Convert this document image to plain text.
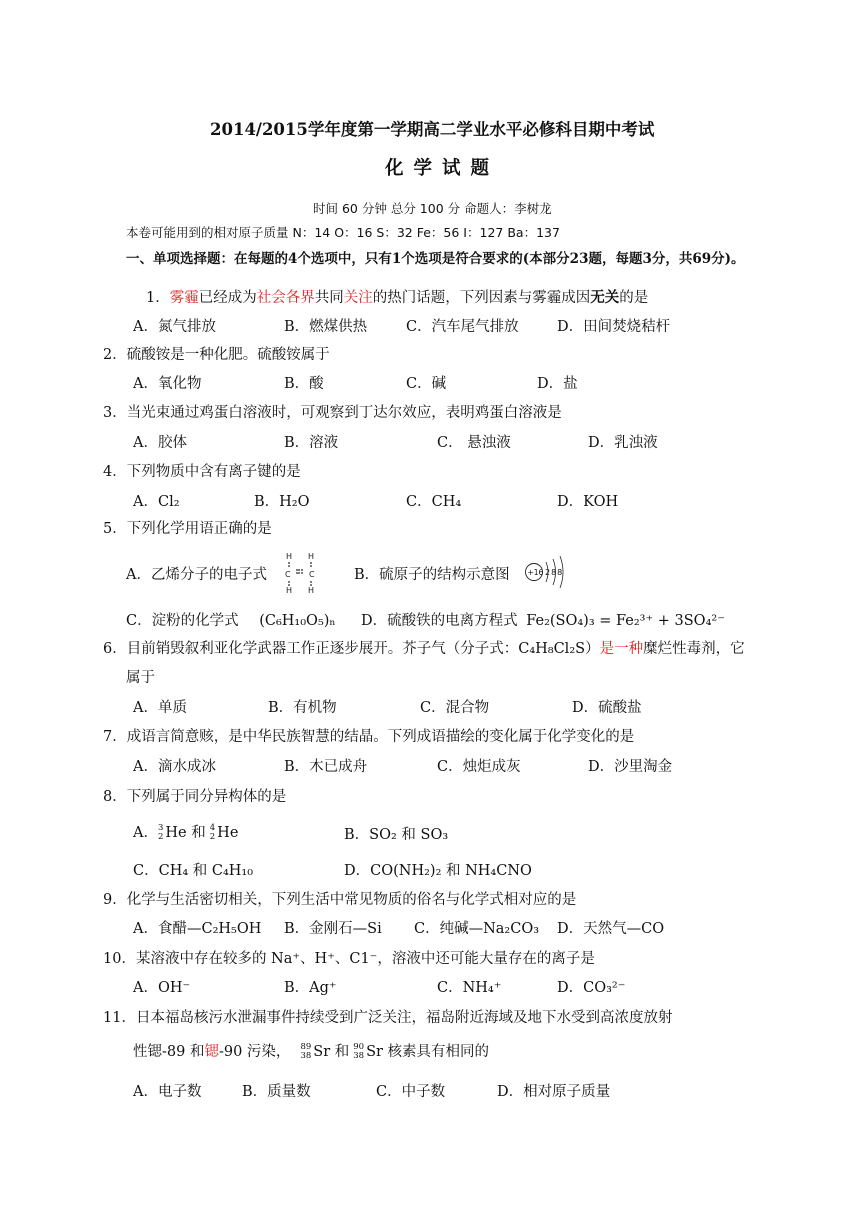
2014/2015学年度第一学期高二学业水平必修科目期中考试
化学试题
时间 60 分钟 总分 100 分 命题人：李树龙
本卷可能用到的相对原子质量 N：14 O：16 S：32 Fe：56 I：127 Ba：137
一、单项选择题：在每题的4个选项中，只有1个选项是符合要求的(本部分23题，每题3分，共69分)。
1．雾霾已经成为社会各界共同关注的热门话题，下列因素与雾霾成因无关的是
A．氮气排放	B．燃煤供热	C．汽车尾气排放	D．田间焚烧秸杆
2．硫酸铵是一种化肥。硫酸铵属于
A．氧化物	B．酸	C．碱	D．盐
3．当光束通过鸡蛋白溶液时，可观察到丁达尔效应，表明鸡蛋白溶液是
A．胶体	B．溶液	C． 悬浊液	D．乳浊液
4．下列物质中含有离子键的是
A．Cl₂	B．H₂O	C．CH₄	D．KOH
5．下列化学用语正确的是
A．乙烯分子的电子式
H H
C C
H H
B．硫原子的结构示意图 +16 288
C．淀粉的化学式 (C₆H₁₀O₅)ₙ D．硫酸铁的电离方程式 Fe₂(SO₄)₃ = Fe₂³⁺ + 3SO₄²⁻
6．目前销毁叙利亚化学武器工作正逐步展开。芥子气（分子式：C₄H₈Cl₂S）是一种糜烂性毒剂，它
属于
A．单质	B．有机物	C．混合物	D．硫酸盐
7．成语言简意赅，是中华民族智慧的结晶。下列成语描绘的变化属于化学变化的是
A．滴水成冰	B．木已成舟	C．烛炬成灰	D．沙里淘金
8．下列属于同分异构体的是
A． 3
2 He 和 4
2 He	B．SO₂ 和 SO₃
C．CH₄ 和 C₄H₁₀	D．CO(NH₂)₂ 和 NH₄CNO
9．化学与生活密切相关，下列生活中常见物质的俗名与化学式相对应的是
A．食醋—C₂H₅OH B．金刚石—Si C．纯碱—Na₂CO₃ D．天然气—CO
10．某溶液中存在较多的 Na⁺、H⁺、C1⁻，溶液中还可能大量存在的离子是
A．OH⁻	B．Ag⁺	C．NH₄⁺	D．CO₃²⁻
11．日本福岛核污水泄漏事件持续受到广泛关注，福岛附近海域及地下水受到高浓度放射
性锶-89 和锶-90 污染， 89
38 Sr 和 90
38 Sr 核素具有相同的
A．电子数	B．质量数	C．中子数	D．相对原子质量
